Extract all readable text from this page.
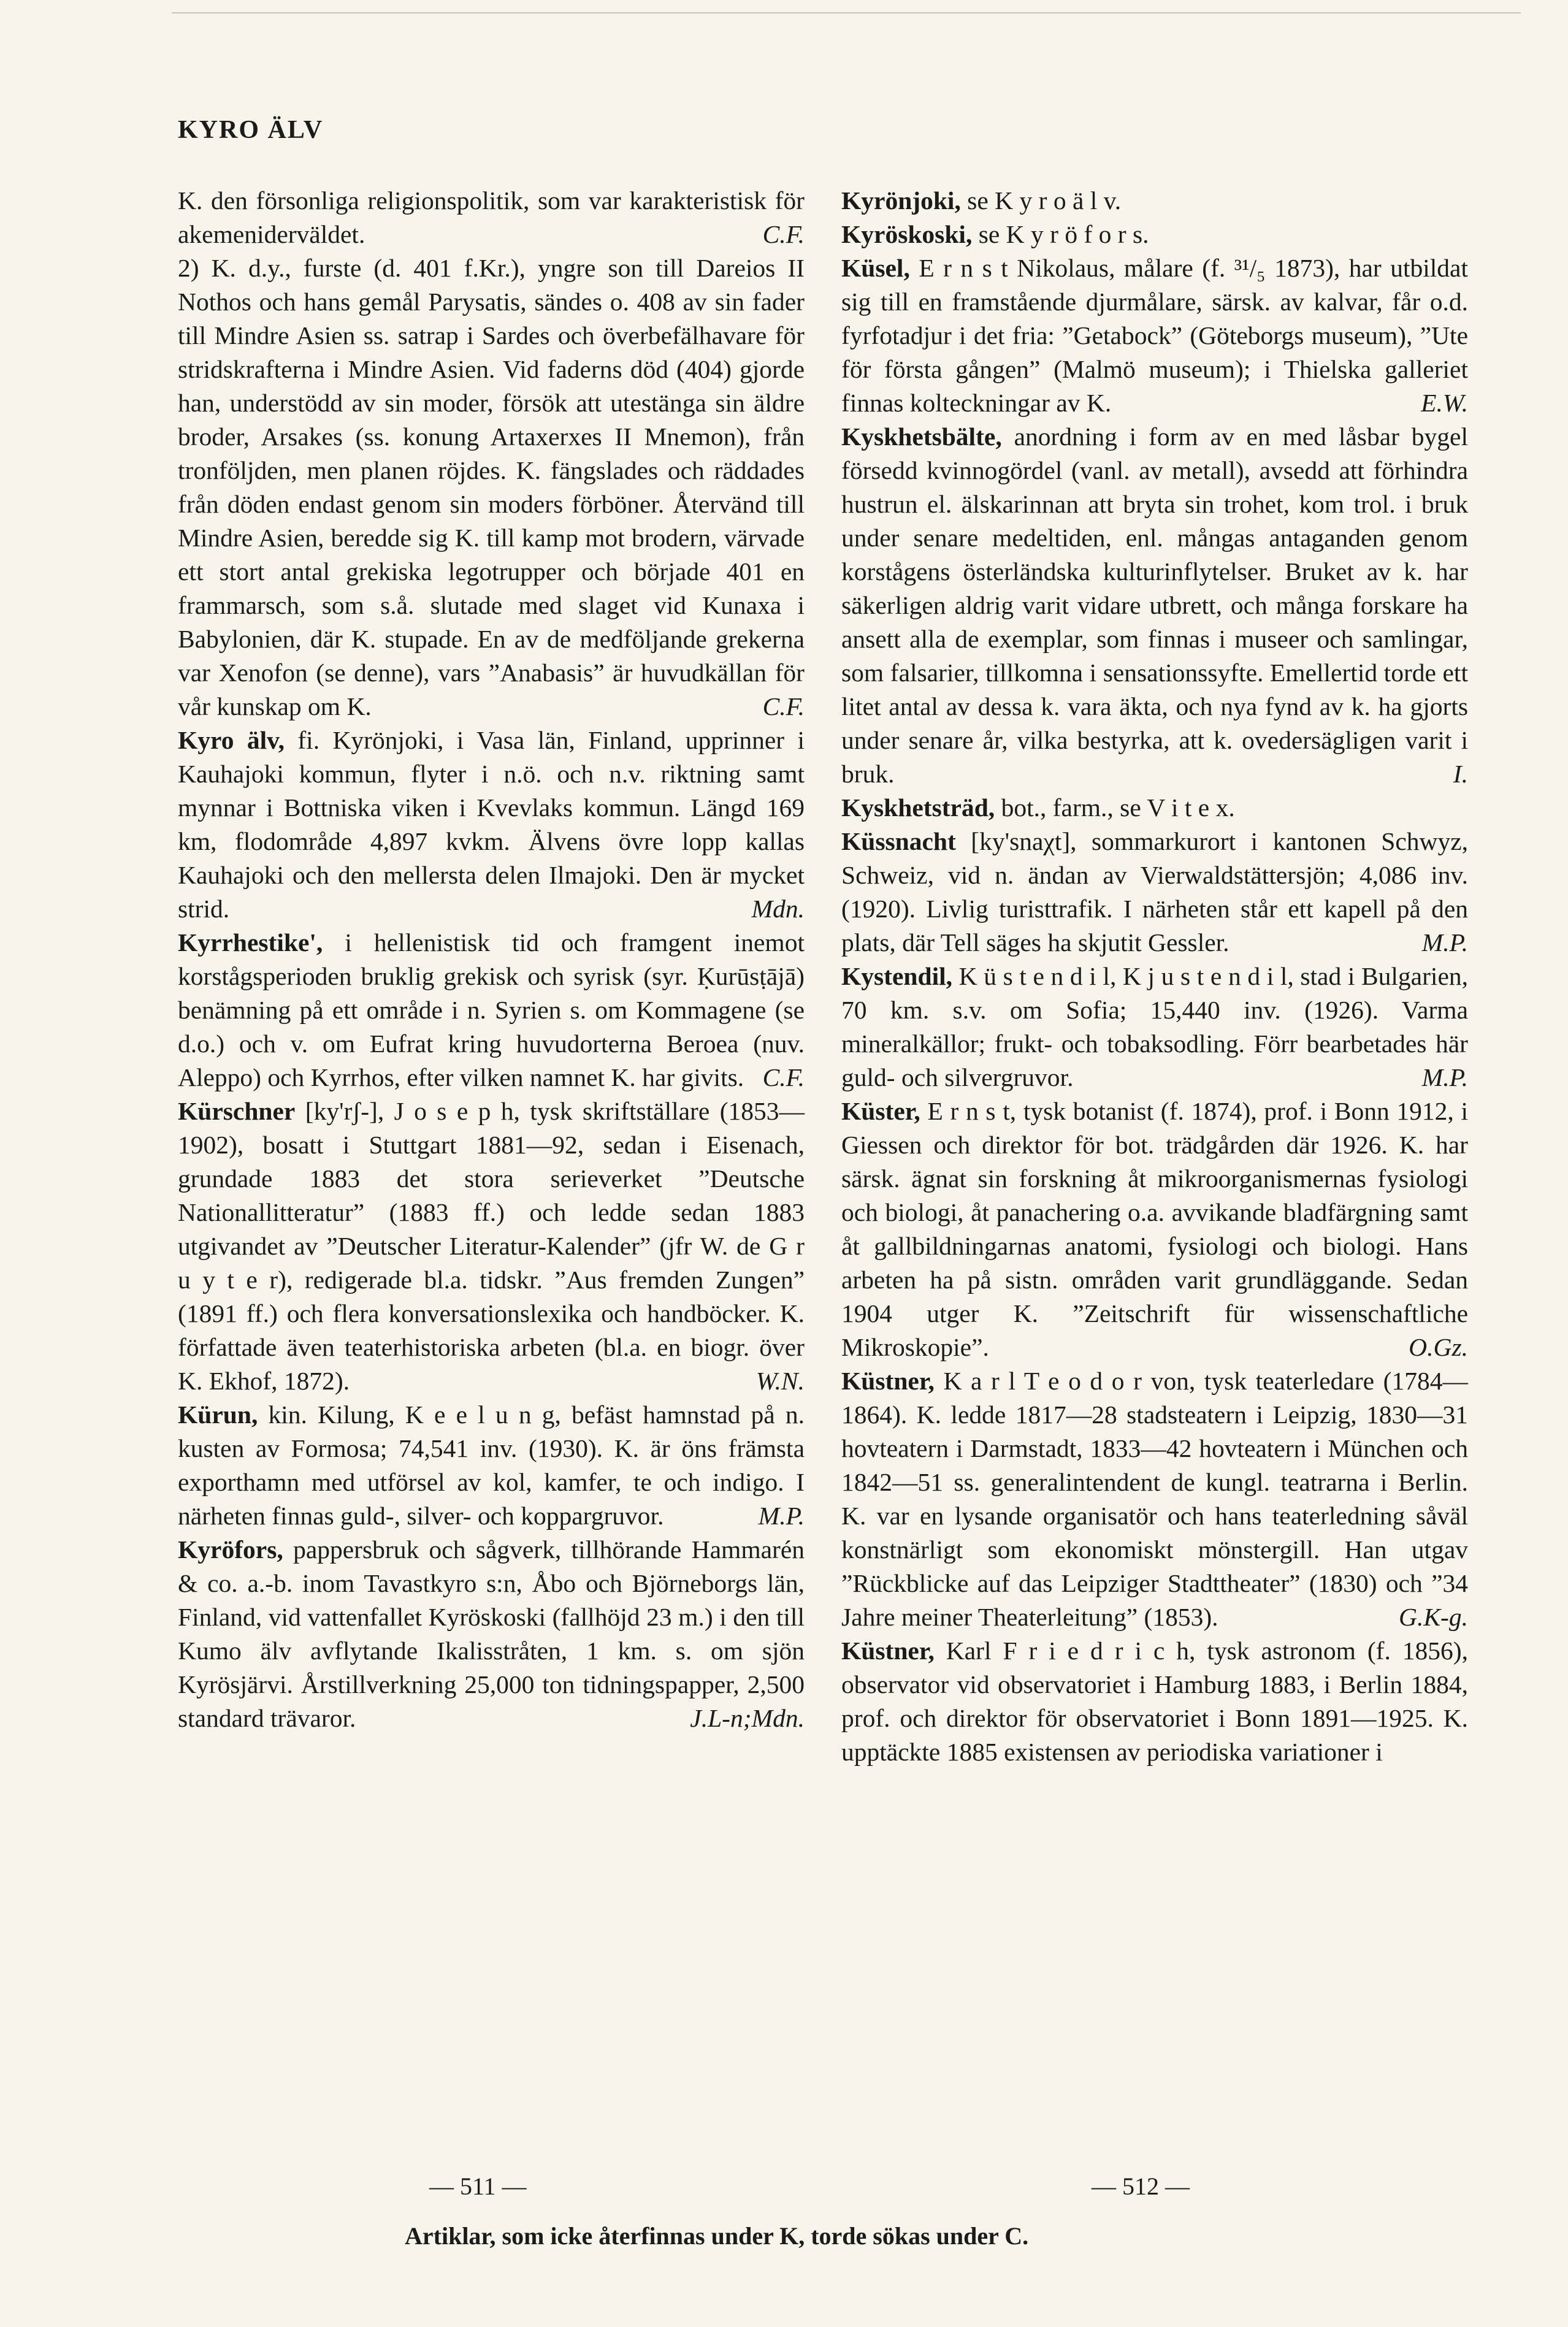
KYRO ÄLV

K. den försonliga religionspolitik, som var karakteristisk för akemeniderväldet.	C.F.

2) K. d.y., furste (d. 401 f.Kr.), yngre son till Dareios II Nothos och hans gemål Parysatis, sändes o. 408 av sin fader till Mindre Asien ss. satrap i Sardes och överbefälhavare för stridskrafterna i Mindre Asien. Vid faderns död (404) gjorde han, understödd av sin moder, försök att utestänga sin äldre broder, Arsakes (ss. konung Artaxerxes II Mnemon), från tronföljden, men planen röjdes. K. fängslades och räddades från döden endast genom sin moders förböner. Återvänd till Mindre Asien, beredde sig K. till kamp mot brodern, värvade ett stort antal grekiska legotrupper och började 401 en frammarsch, som s.å. slutade med slaget vid Kunaxa i Babylonien, där K. stupade. En av de medföljande grekerna var Xenofon (se denne), vars ”Anabasis” är huvudkällan för vår kunskap om K.	C.F.

Kyro älv, fi. Kyrönjoki, i Vasa län, Finland, upprinner i Kauhajoki kommun, flyter i n.ö. och n.v. riktning samt mynnar i Bottniska viken i Kvevlaks kommun. Längd 169 km, flodområde 4,897 kvkm. Älvens övre lopp kallas Kauhajoki och den mellersta delen Ilmajoki. Den är mycket strid.	Mdn.

Kyrrhestike', i hellenistisk tid och framgent inemot korstågsperioden bruklig grekisk och syrisk (syr. Ḳurūsṭājā) benämning på ett område i n. Syrien s. om Kommagene (se d.o.) och v. om Eufrat kring huvudorterna Beroea (nuv. Aleppo) och Kyrrhos, efter vilken namnet K. har givits. C.F.

Kürschner [ky'rʃ-], J o s e p h, tysk skriftställare (1853—1902), bosatt i Stuttgart 1881—92, sedan i Eisenach, grundade 1883 det stora serieverket ”Deutsche Nationallitteratur” (1883 ff.) och ledde sedan 1883 utgivandet av ”Deutscher Literatur-Kalender” (jfr W. de G r u y t e r), redigerade bl.a. tidskr. ”Aus fremden Zungen” (1891 ff.) och flera konversationslexika och handböcker. K. författade även teaterhistoriska arbeten (bl.a. en biogr. över K. Ekhof, 1872).	W.N.

Kürun, kin. Kilung, K e e l u n g, befäst hamnstad på n. kusten av Formosa; 74,541 inv. (1930). K. är öns främsta exporthamn med utförsel av kol, kamfer, te och indigo. I närheten finnas guld-, silver- och koppargruvor.	M.P.

Kyröfors, pappersbruk och sågverk, tillhörande Hammarén & co. a.-b. inom Tavastkyro s:n, Åbo och Björneborgs län, Finland, vid vattenfallet Kyröskoski (fallhöjd 23 m.) i den till Kumo älv avflytande Ikalisstråten, 1 km. s. om sjön Kyrösjärvi. Årstillverkning 25,000 ton tidningspapper, 2,500 standard trävaror.	J.L-n;Mdn.

Kyrönjoki, se K y r o ä l v.

Kyröskoski, se K y r ö f o r s.

Küsel, E r n s t Nikolaus, målare (f. ³¹/₅ 1873), har utbildat sig till en framstående djurmålare, särsk. av kalvar, får o.d. fyrfotadjur i det fria: ”Getabock” (Göteborgs museum), ”Ute för första gången” (Malmö museum); i Thielska galleriet finnas kolteckningar av K.	E.W.

Kyskhetsbälte, anordning i form av en med låsbar bygel försedd kvinnogördel (vanl. av metall), avsedd att förhindra hustrun el. älskarinnan att bryta sin trohet, kom trol. i bruk under senare medeltiden, enl. mångas antaganden genom korstågens österländska kulturinflytelser. Bruket av k. har säkerligen aldrig varit vidare utbrett, och många forskare ha ansett alla de exemplar, som finnas i museer och samlingar, som falsarier, tillkomna i sensationssyfte. Emellertid torde ett litet antal av dessa k. vara äkta, och nya fynd av k. ha gjorts under senare år, vilka bestyrka, att k. ovedersägligen varit i bruk.	I.

Kyskhetsträd, bot., farm., se V i t e x.

Küssnacht [ky'snaχt], sommarkurort i kantonen Schwyz, Schweiz, vid n. ändan av Vierwaldstättersjön; 4,086 inv. (1920). Livlig turisttrafik. I närheten står ett kapell på den plats, där Tell säges ha skjutit Gessler.	M.P.

Kystendil, K ü s t e n d i l, K j u s t e n d i l, stad i Bulgarien, 70 km. s.v. om Sofia; 15,440 inv. (1926). Varma mineralkällor; frukt- och tobaksodling. Förr bearbetades här guld- och silvergruvor.	M.P.

Küster, E r n s t, tysk botanist (f. 1874), prof. i Bonn 1912, i Giessen och direktor för bot. trädgården där 1926. K. har särsk. ägnat sin forskning åt mikroorganismernas fysiologi och biologi, åt panachering o.a. avvikande bladfärgning samt åt gallbildningarnas anatomi, fysiologi och biologi. Hans arbeten ha på sistn. områden varit grundläggande. Sedan 1904 utger K. ”Zeitschrift für wissenschaftliche Mikroskopie”.	O.Gz.

Küstner, K a r l T e o d o r von, tysk teaterledare (1784—1864). K. ledde 1817—28 stadsteatern i Leipzig, 1830—31 hovteatern i Darmstadt, 1833—42 hovteatern i München och 1842—51 ss. generalintendent de kungl. teatrarna i Berlin. K. var en lysande organisatör och hans teaterledning såväl konstnärligt som ekonomiskt mönstergill. Han utgav ”Rückblicke auf das Leipziger Stadttheater” (1830) och ”34 Jahre meiner Theaterleitung” (1853).	G.K-g.

Küstner, Karl F r i e d r i c h, tysk astronom (f. 1856), observator vid observatoriet i Hamburg 1883, i Berlin 1884, prof. och direktor för observatoriet i Bonn 1891—1925. K. upptäckte 1885 existensen av periodiska variationer i

— 511 —	— 512 —
Artiklar, som icke återfinnas under K, torde sökas under C.
